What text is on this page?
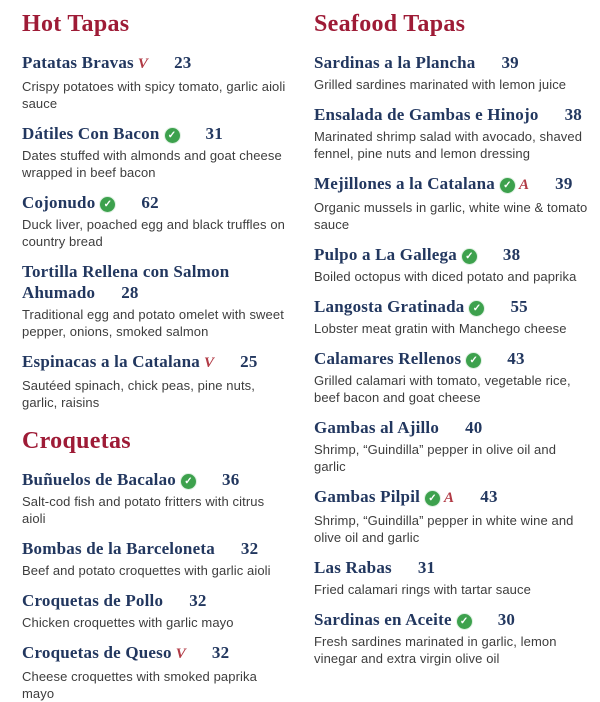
Hot Tapas
Patatas Bravas V 23

Crispy potatoes with spicy tomato, garlic aioli sauce

Dátiles Con Bacon ✓ 31

Dates stuffed with almonds and goat cheese wrapped in beef bacon

Cojonudo ✓ 62

Duck liver, poached egg and black truffles on country bread

Tortilla Rellena con Salmon Ahumado 28

Traditional egg and potato omelet with sweet pepper, onions, smoked salmon

Espinacas a la Catalana V 25

Sautéed spinach, chick peas, pine nuts, garlic, raisins

Croquetas
Buñuelos de Bacalao ✓ 36

Salt-cod fish and potato fritters with citrus aioli

Bombas de la Barceloneta 32

Beef and potato croquettes with garlic aioli

Croquetas de Pollo 32

Chicken croquettes with garlic mayo

Croquetas de Queso V 32

Cheese croquettes with smoked paprika mayo

Seafood Tapas
Sardinas a la Plancha 39

Grilled sardines marinated with lemon juice

Ensalada de Gambas e Hinojo 38

Marinated shrimp salad with avocado, shaved fennel, pine nuts and lemon dressing

Mejillones a la Catalana ✓ A 39

Organic mussels in garlic, white wine & tomato sauce

Pulpo a La Gallega ✓ 38

Boiled octopus with diced potato and paprika

Langosta Gratinada ✓ 55

Lobster meat gratin with Manchego cheese

Calamares Rellenos ✓ 43

Grilled calamari with tomato, vegetable rice, beef bacon and goat cheese

Gambas al Ajillo 40

Shrimp, “Guindilla” pepper in olive oil and garlic

Gambas Pilpil ✓ A 43

Shrimp, “Guindilla” pepper in white wine and olive oil and garlic

Las Rabas 31

Fried calamari rings with tartar sauce

Sardinas en Aceite ✓ 30

Fresh sardines marinated in garlic, lemon vinegar and extra virgin olive oil
